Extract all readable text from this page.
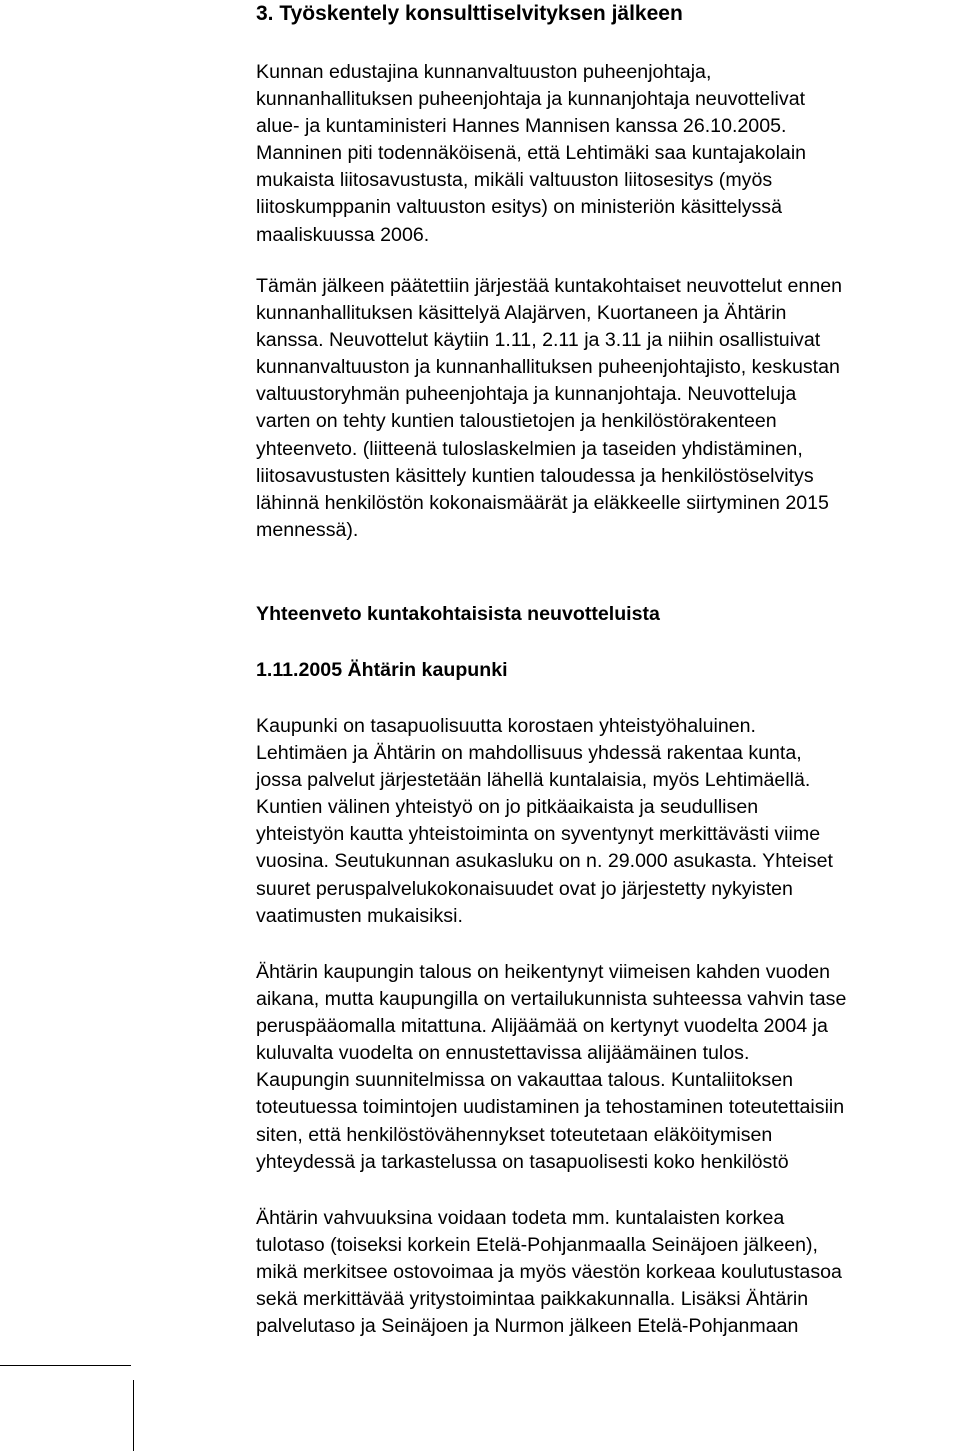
3. Työskentely konsulttiselvityksen jälkeen

Kunnan edustajina kunnanvaltuuston puheenjohtaja,
kunnanhallituksen puheenjohtaja ja kunnanjohtaja neuvottelivat
alue- ja kuntaministeri Hannes Mannisen kanssa 26.10.2005.
Manninen piti todennäköisenä, että Lehtimäki saa kuntajakolain
mukaista liitosavustusta, mikäli valtuuston liitosesitys (myös
liitoskumppanin valtuuston esitys) on ministeriön käsittelyssä
maaliskuussa 2006.

Tämän jälkeen päätettiin järjestää kuntakohtaiset neuvottelut ennen
kunnanhallituksen käsittelyä Alajärven, Kuortaneen ja Ähtärin
kanssa. Neuvottelut käytiin 1.11, 2.11 ja 3.11 ja niihin osallistuivat
kunnanvaltuuston ja kunnanhallituksen puheenjohtajisto, keskustan
valtuustoryhmän puheenjohtaja ja kunnanjohtaja. Neuvotteluja
varten on tehty kuntien taloustietojen ja henkilöstörakenteen
yhteenveto. (liitteenä tuloslaskelmien ja taseiden yhdistäminen,
liitosavustusten käsittely kuntien taloudessa ja henkilöstöselvitys
lähinnä henkilöstön kokonaismäärät ja eläkkeelle siirtyminen 2015
mennessä).

Yhteenveto kuntakohtaisista neuvotteluista
1.11.2005 Ähtärin kaupunki

Kaupunki on tasapuolisuutta korostaen yhteistyöhaluinen.
Lehtimäen ja Ähtärin on mahdollisuus yhdessä rakentaa kunta,
jossa palvelut järjestetään lähellä kuntalaisia, myös Lehtimäellä.
Kuntien välinen yhteistyö on jo pitkäaikaista ja seudullisen
yhteistyön kautta yhteistoiminta on syventynyt merkittävästi viime
vuosina. Seutukunnan asukasluku on n. 29.000 asukasta. Yhteiset
suuret peruspalvelukokonaisuudet ovat jo järjestetty nykyisten
vaatimusten mukaisiksi.

Ähtärin kaupungin talous on heikentynyt viimeisen kahden vuoden
aikana, mutta kaupungilla on vertailukunnista suhteessa vahvin tase
peruspääomalla mitattuna. Alijäämää on kertynyt vuodelta 2004 ja
kuluvalta vuodelta on ennustettavissa alijäämäinen tulos.
Kaupungin suunnitelmissa on vakauttaa talous. Kuntaliitoksen
toteutuessa toimintojen uudistaminen ja tehostaminen toteutettaisiin
siten, että henkilöstövähennykset toteutetaan eläköitymisen
yhteydessä ja tarkastelussa on tasapuolisesti koko henkilöstö

Ähtärin vahvuuksina voidaan todeta mm. kuntalaisten korkea
tulotaso (toiseksi korkein Etelä-Pohjanmaalla Seinäjoen jälkeen),
mikä merkitsee ostovoimaa ja myös väestön korkeaa koulutustasoa
sekä merkittävää yritystoimintaa paikkakunnalla. Lisäksi Ähtärin
palvelutaso ja Seinäjoen ja Nurmon jälkeen Etelä-Pohjanmaan
